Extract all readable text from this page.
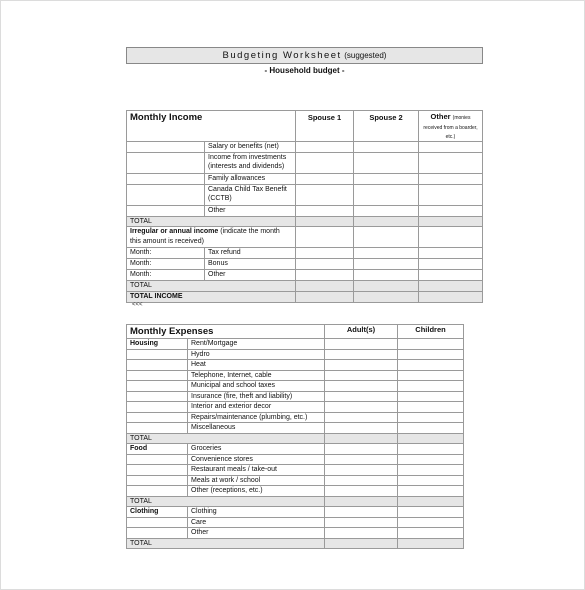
Budgeting Worksheet (suggested)
- Household budget -
Monthly Income		Spouse 1	Spouse 2	Other (monies received from a boarder, etc.)
	Salary or benefits (net)			
	Income from investments (interests and dividends)			
	Family allowances			
	Canada Child Tax Benefit (CCTB)			
	Other			
TOTAL				
Irregular or annual income (indicate the month this amount is received)				
Month:	Tax refund			
Month:	Bonus			
Month:	Other			
TOTAL				
TOTAL INCOME				
<<<
Monthly Expenses		Adult(s)	Children
Housing	Rent/Mortgage		
	Hydro		
	Heat		
	Telephone, Internet, cable		
	Municipal and school taxes		
	Insurance (fire, theft and liability)		
	Interior and exterior decor		
	Repairs/maintenance (plumbing, etc.)		
	Miscellaneous		
TOTAL			
Food	Groceries		
	Convenience stores		
	Restaurant meals / take-out		
	Meals at work / school		
	Other (receptions, etc.)		
TOTAL			
Clothing	Clothing		
	Care		
	Other		
TOTAL			
